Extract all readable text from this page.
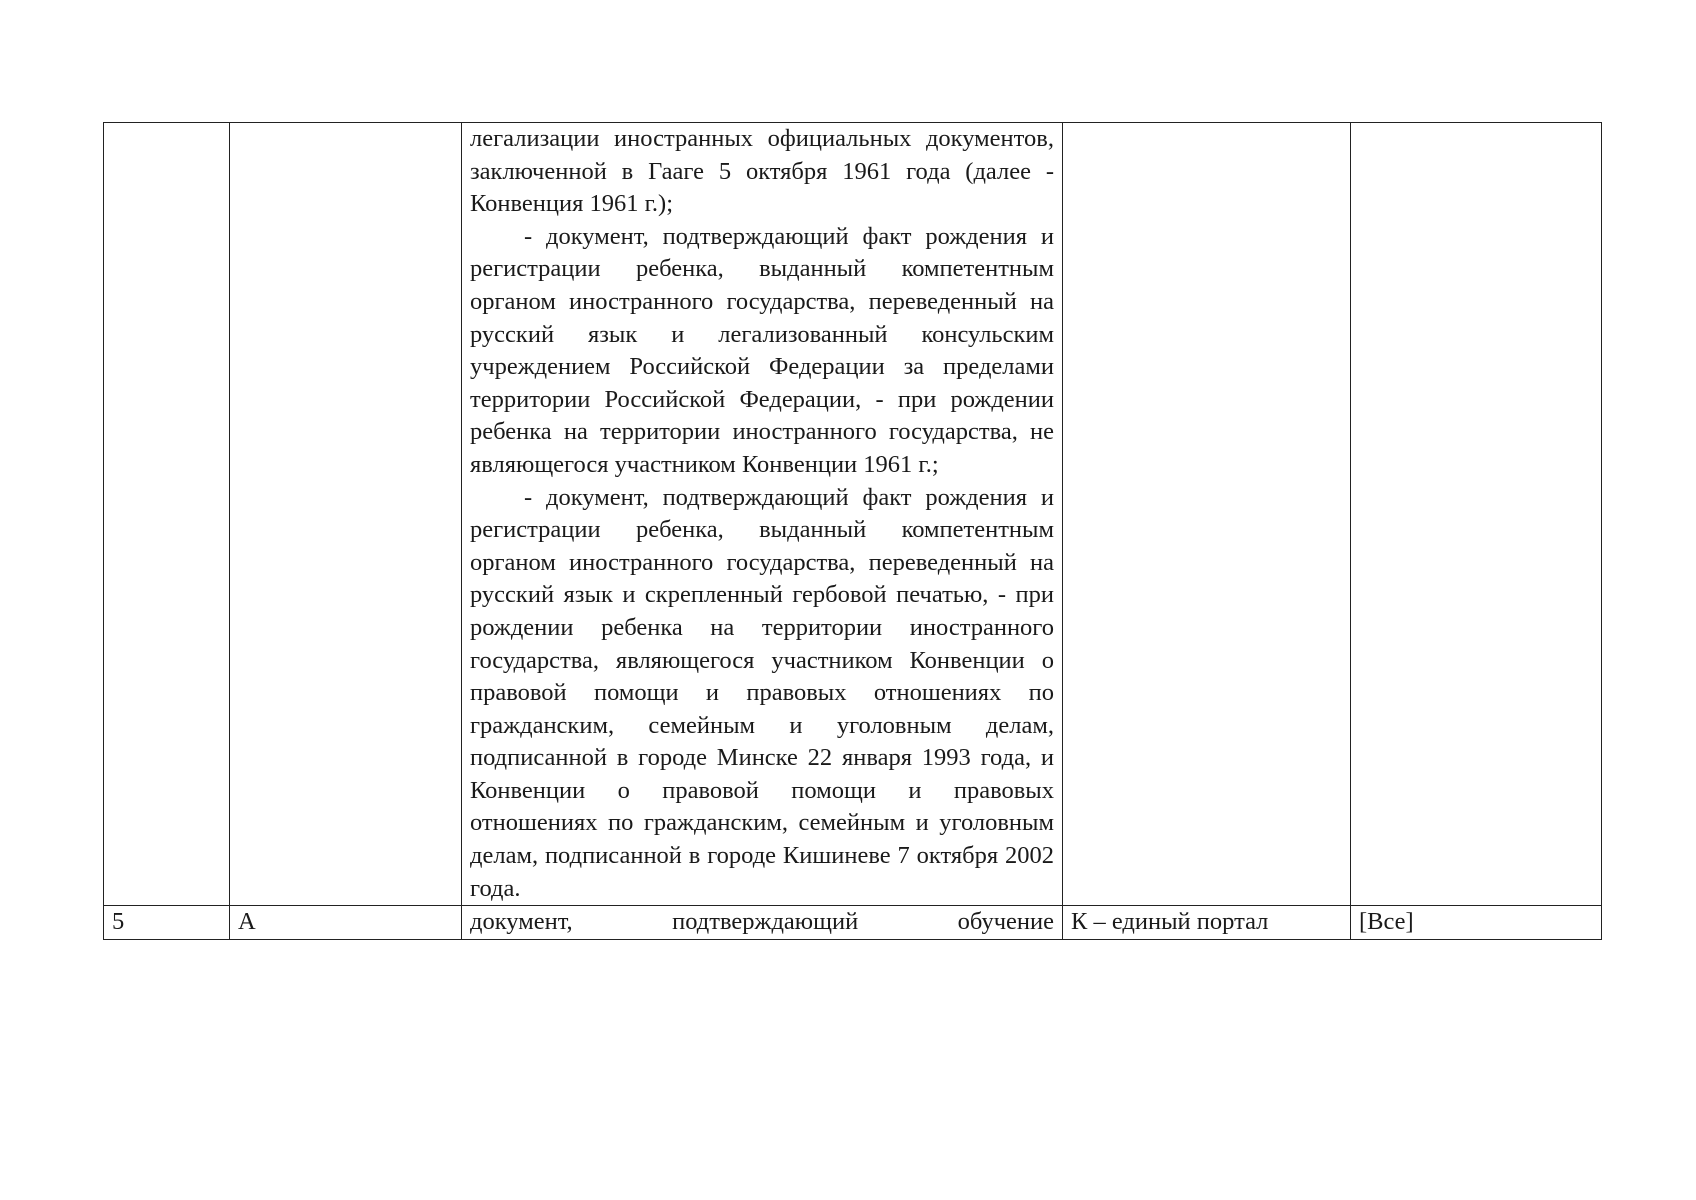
		легализации иностранных официальных документов, заключенной в Гааге 5 октября 1961 года (далее - Конвенция 1961 г.);

- документ, подтверждающий факт рождения и регистрации ребенка, выданный компетентным органом иностранного государства, переведенный на русский язык и легализованный консульским учреждением Российской Федерации за пределами территории Российской Федерации, - при рождении ребенка на территории иностранного государства, не являющегося участником Конвенции 1961 г.;

- документ, подтверждающий факт рождения и регистрации ребенка, выданный компетентным органом иностранного государства, переведенный на русский язык и скрепленный гербовой печатью, - при рождении ребенка на территории иностранного государства, являющегося участником Конвенции о правовой помощи и правовых отношениях по гражданским, семейным и уголовным делам, подписанной в городе Минске 22 января 1993 года, и Конвенции о правовой помощи и правовых отношениях по гражданским, семейным и уголовным делам, подписанной в городе Кишиневе 7 октября 2002 года.		

5	А	документ, подтверждающий обучение	К – единый портал	[Все]
